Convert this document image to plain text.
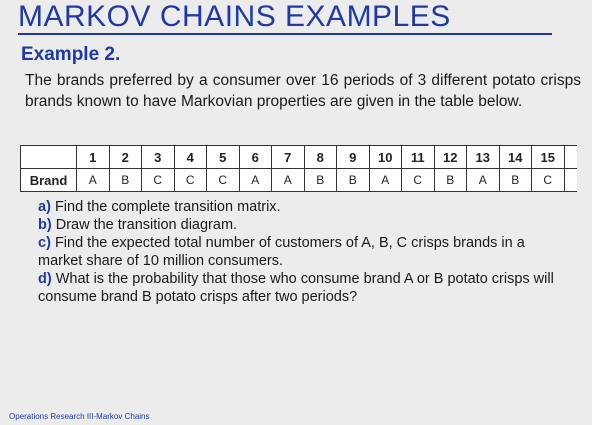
MARKOV CHAINS EXAMPLES
Example 2.
The brands preferred by a consumer over 16 periods of 3 different potato crisps brands known to have Markovian properties are given in the table below.
	1	2	3	4	5	6	7	8	9	10	11	12	13	14	15	
Brand	A	B	C	C	C	A	A	B	B	A	C	B	A	B	C	

a) Find the complete transition matrix.

b) Draw the transition diagram.

c) Find the expected total number of customers of A, B, C crisps brands in a market share of 10 million consumers.

d) What is the probability that those who consume brand A or B potato crisps will consume brand B potato crisps after two periods?

Operations Research III-Markov Chains
